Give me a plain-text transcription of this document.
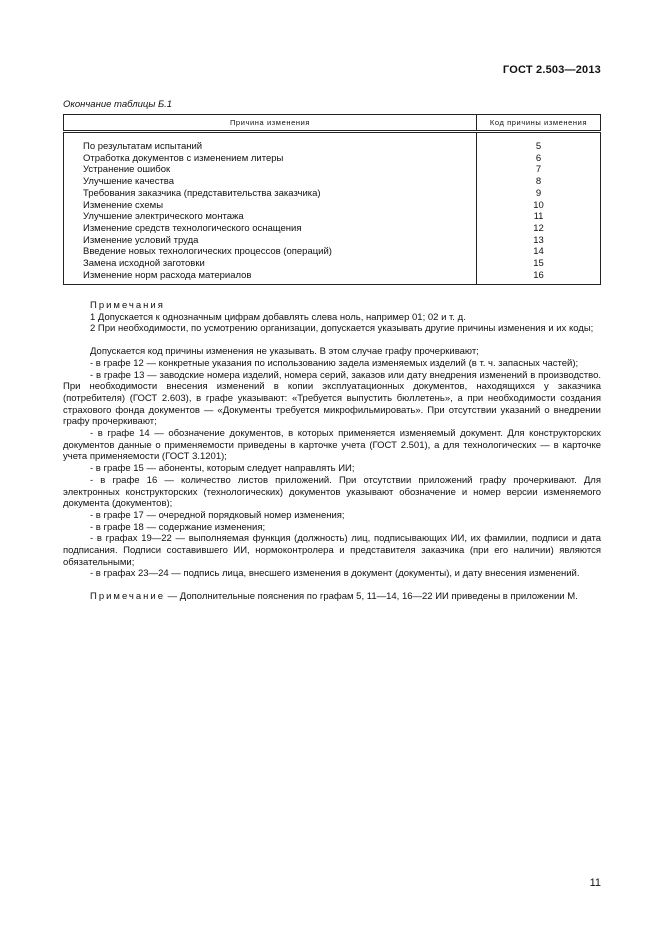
ГОСТ 2.503—2013
Окончание таблицы Б.1
Причина изменения	Код причины изменения
По результатам испытаний	5
Отработка документов с изменением литеры	6
Устранение ошибок	7
Улучшение качества	8
Требования заказчика (представительства заказчика)	9
Изменение схемы	10
Улучшение электрического монтажа	11
Изменение средств технологического оснащения	12
Изменение условий труда	13
Введение новых технологических процессов (операций)	14
Замена исходной заготовки	15
Изменение норм расхода материалов	16

Примечания

1 Допускается к однозначным цифрам добавлять слева ноль, например 01; 02 и т. д.

2 При необходимости, по усмотрению организации, допускается указывать другие причины изменения и их коды;

Допускается код причины изменения не указывать. В этом случае графу прочеркивают;

- в графе 12 — конкретные указания по использованию задела изменяемых изделий (в т. ч. запасных частей);

- в графе 13 — заводские номера изделий, номера серий, заказов или дату внедрения изменений в производство. При необходимости внесения изменений в копии эксплуатационных документов, находящихся у заказчика (потребителя) (ГОСТ 2.603), в графе указывают: «Требуется выпустить бюллетень», а при необходимости создания страхового фонда документов — «Документы требуется микрофильмировать». При отсутствии указаний о внедрении графу прочеркивают;

- в графе 14 — обозначение документов, в которых применяется изменяемый документ. Для конструкторских документов данные о применяемости приведены в карточке учета (ГОСТ 2.501), а для технологических — в карточке учета применяемости (ГОСТ 3.1201);

- в графе 15 — абоненты, которым следует направлять ИИ;

- в графе 16 — количество листов приложений. При отсутствии приложений графу прочеркивают. Для электронных конструкторских (технологических) документов указывают обозначение и номер версии изменяемого документа (документов);

- в графе 17 — очередной порядковый номер изменения;

- в графе 18 — содержание изменения;

- в графах 19—22 — выполняемая функция (должность) лиц, подписывающих ИИ, их фамилии, подписи и дата подписания. Подписи составившего ИИ, нормоконтролера и представителя заказчика (при его наличии) являются обязательными;

- в графах 23—24 — подпись лица, внесшего изменения в документ (документы), и дату внесения изменений.

Примечание — Дополнительные пояснения по графам 5, 11—14, 16—22 ИИ приведены в приложении М.

11
